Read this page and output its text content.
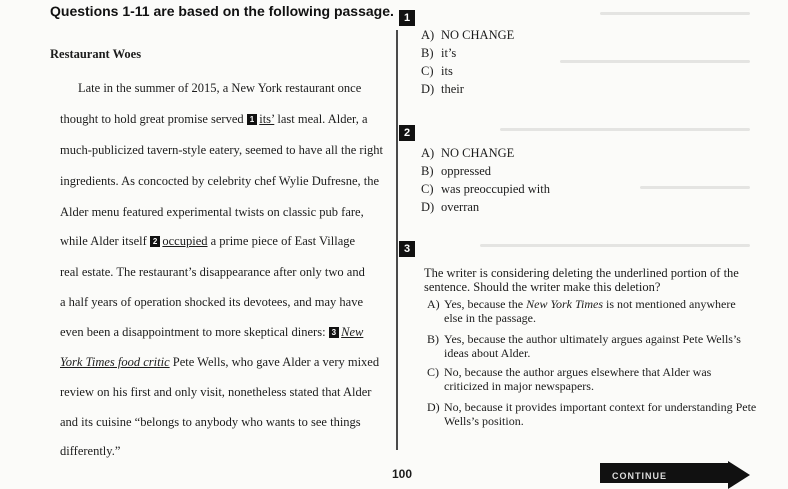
Questions 1-11 are based on the following passage.
Restaurant Woes
Late in the summer of 2015, a New York restaurant once
thought to hold great promise served 1 its’ last meal. Alder, a
much-publicized tavern-style eatery, seemed to have all the right
ingredients. As concocted by celebrity chef Wylie Dufresne, the
Alder menu featured experimental twists on classic pub fare,
while Alder itself 2 occupied a prime piece of East Village
real estate. The restaurant’s disappearance after only two and
a half years of operation shocked its devotees, and may have
even been a disappointment to more skeptical diners: 3 New
York Times food critic Pete Wells, who gave Alder a very mixed
review on his first and only visit, nonetheless stated that Alder
and its cuisine “belongs to anybody who wants to see things
differently.”
1
A) NO CHANGE
B) it’s
C) its
D) their
2
A) NO CHANGE
B) oppressed
C) was preoccupied with
D) overran
3
The writer is considering deleting the underlined portion of the sentence. Should the writer make this deletion?
A) Yes, because the New York Times is not mentioned anywhere else in the passage.
B) Yes, because the author ultimately argues against Pete Wells’s ideas about Alder.
C) No, because the author argues elsewhere that Alder was criticized in major newspapers.
D) No, because it provides important context for understanding Pete Wells’s position.
100	CONTINUE
